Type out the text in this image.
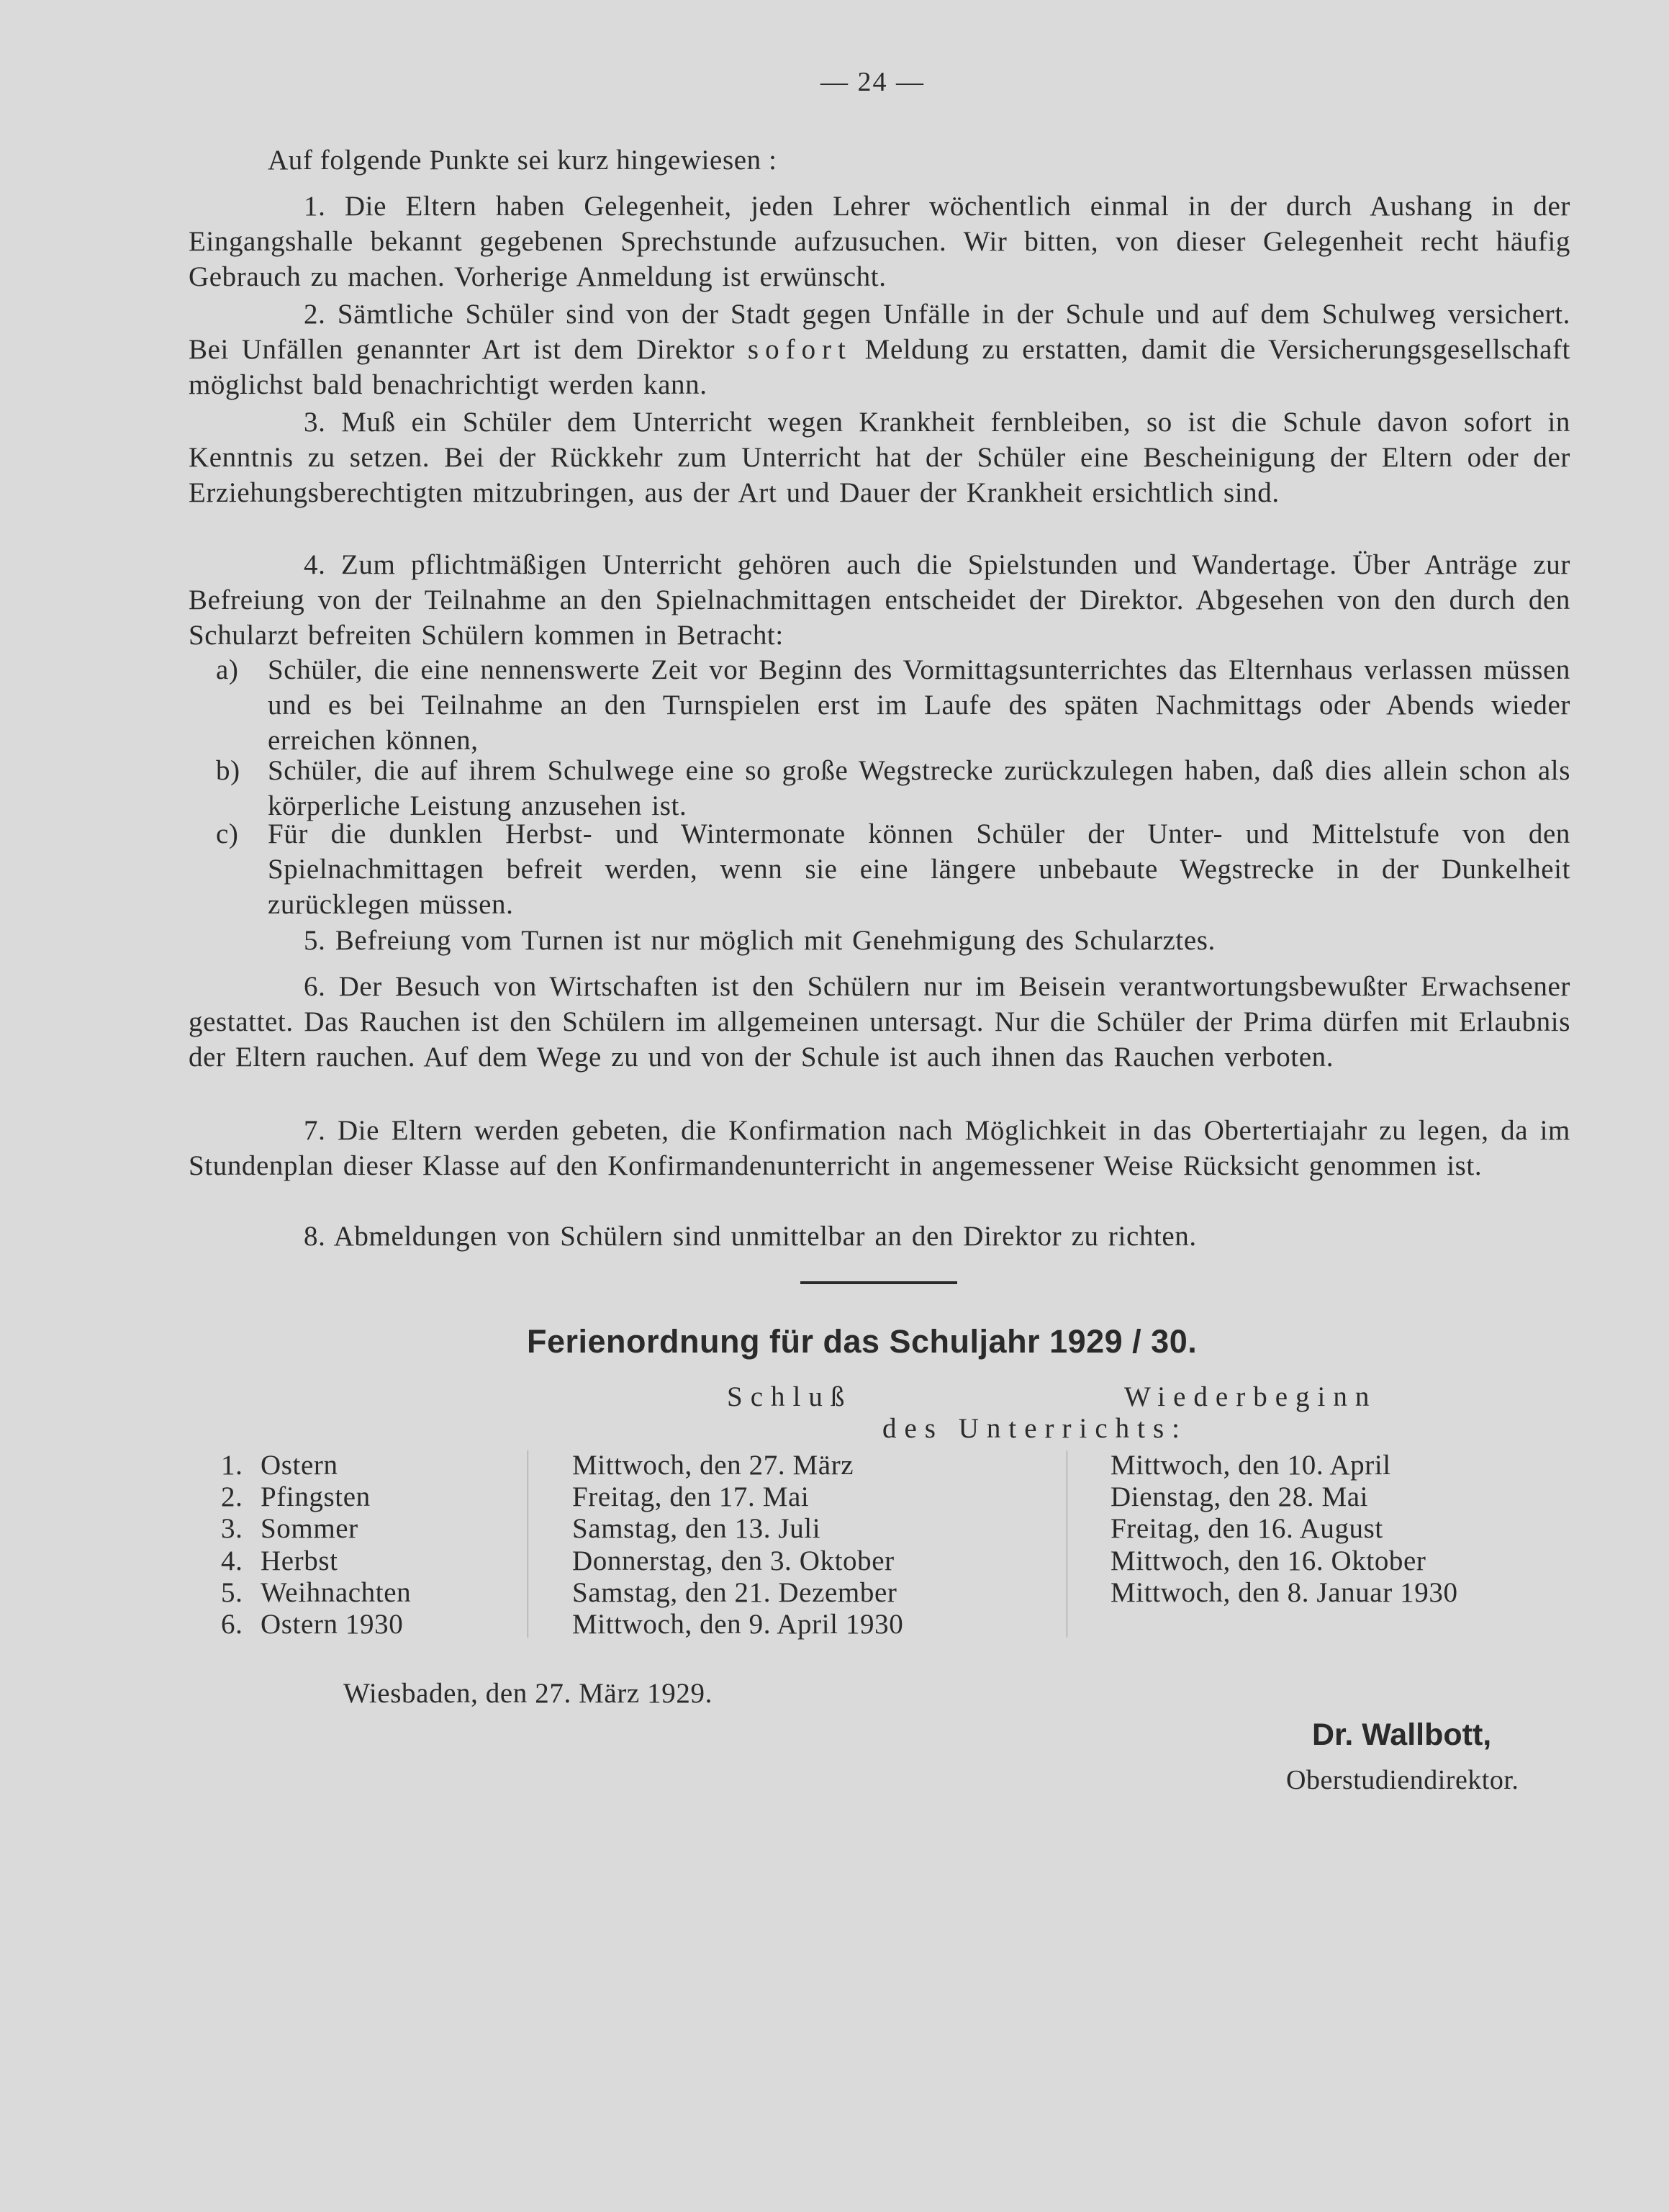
— 24 —
Auf folgende Punkte sei kurz hingewiesen :
1. Die Eltern haben Gelegenheit, jeden Lehrer wöchentlich einmal in der durch Aushang in der Eingangshalle bekannt gegebenen Sprechstunde aufzusuchen. Wir bitten, von dieser Gelegenheit recht häufig Gebrauch zu machen. Vorherige Anmeldung ist erwünscht.
2. Sämtliche Schüler sind von der Stadt gegen Unfälle in der Schule und auf dem Schulweg versichert. Bei Unfällen genannter Art ist dem Direktor sofort Meldung zu erstatten, damit die Versicherungsgesellschaft möglichst bald benachrichtigt werden kann.
3. Muß ein Schüler dem Unterricht wegen Krankheit fernbleiben, so ist die Schule davon sofort in Kenntnis zu setzen. Bei der Rückkehr zum Unterricht hat der Schüler eine Bescheinigung der Eltern oder der Erziehungsberechtigten mitzubringen, aus der Art und Dauer der Krankheit ersichtlich sind.
4. Zum pflichtmäßigen Unterricht gehören auch die Spielstunden und Wandertage. Über Anträge zur Befreiung von der Teilnahme an den Spielnachmittagen entscheidet der Direktor. Abgesehen von den durch den Schularzt befreiten Schülern kommen in Betracht:
a) Schüler, die eine nennenswerte Zeit vor Beginn des Vormittagsunterrichtes das Elternhaus verlassen müssen und es bei Teilnahme an den Turnspielen erst im Laufe des späten Nachmittags oder Abends wieder erreichen können,
b) Schüler, die auf ihrem Schulwege eine so große Wegstrecke zurückzulegen haben, daß dies allein schon als körperliche Leistung anzusehen ist.
c) Für die dunklen Herbst- und Wintermonate können Schüler der Unter- und Mittelstufe von den Spielnachmittagen befreit werden, wenn sie eine längere unbebaute Wegstrecke in der Dunkelheit zurücklegen müssen.
5. Befreiung vom Turnen ist nur möglich mit Genehmigung des Schularztes.
6. Der Besuch von Wirtschaften ist den Schülern nur im Beisein verantwortungsbewußter Erwachsener gestattet. Das Rauchen ist den Schülern im allgemeinen untersagt. Nur die Schüler der Prima dürfen mit Erlaubnis der Eltern rauchen. Auf dem Wege zu und von der Schule ist auch ihnen das Rauchen verboten.
7. Die Eltern werden gebeten, die Konfirmation nach Möglichkeit in das Obertertiajahr zu legen, da im Stundenplan dieser Klasse auf den Konfirmandenunterricht in angemessener Weise Rücksicht genommen ist.
8. Abmeldungen von Schülern sind unmittelbar an den Direktor zu richten.
Ferienordnung für das Schuljahr 1929 / 30.
Schluß	Wiederbeginn
des Unterrichts:
1. Ostern	Mittwoch, den 27. März	Mittwoch, den 10. April
2. Pfingsten	Freitag, den 17. Mai	Dienstag, den 28. Mai
3. Sommer	Samstag, den 13. Juli	Freitag, den 16. August
4. Herbst	Donnerstag, den 3. Oktober	Mittwoch, den 16. Oktober
5. Weihnachten	Samstag, den 21. Dezember	Mittwoch, den 8. Januar 1930
6. Ostern 1930	Mittwoch, den 9. April 1930
Wiesbaden, den 27. März 1929.
Dr. Wallbott,
Oberstudiendirektor.
